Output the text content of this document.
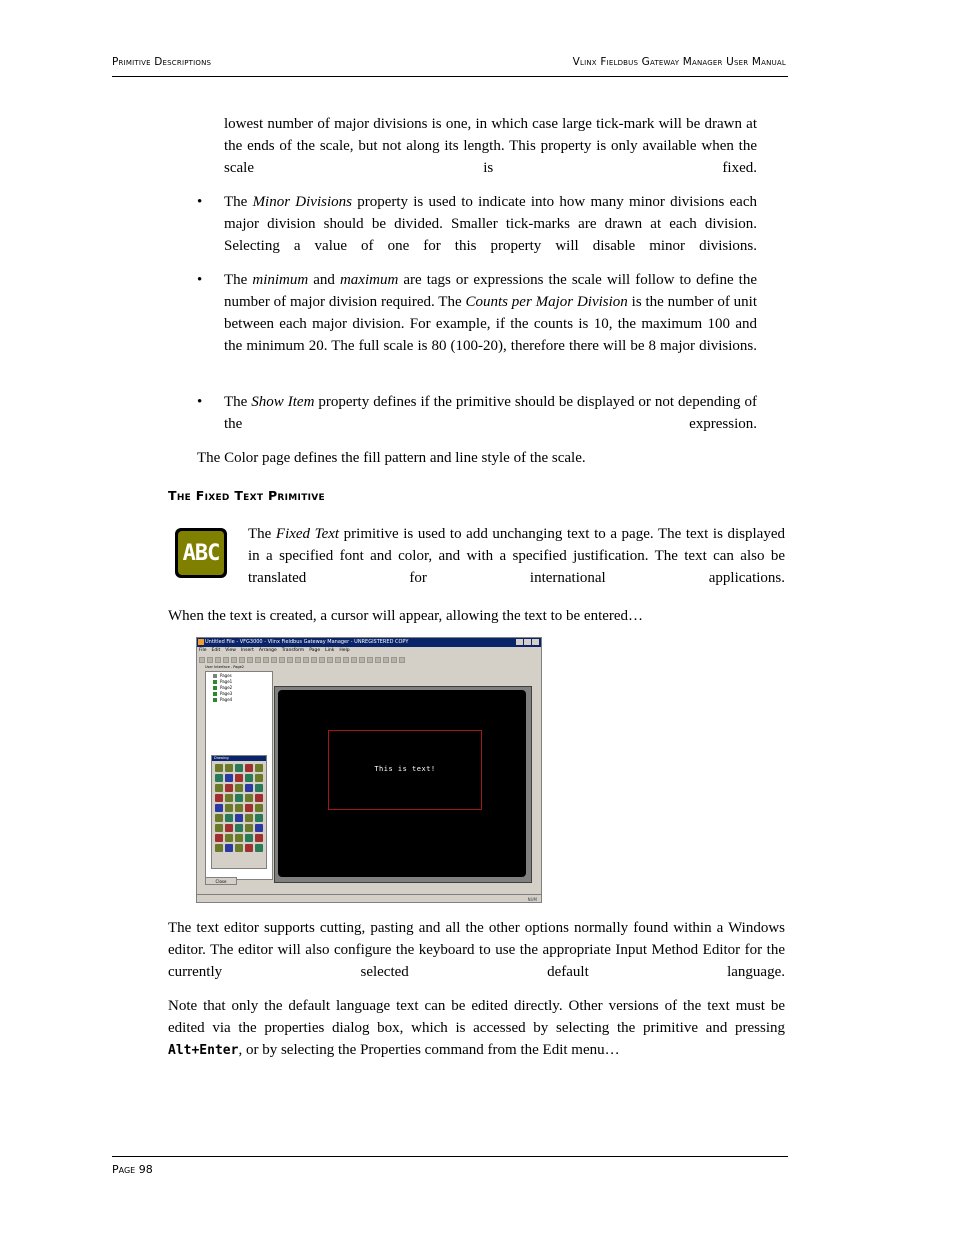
Primitive Descriptions	Vlinx Fieldbus Gateway Manager User Manual

lowest number of major divisions is one, in which case large tick-mark will be drawn at the ends of the scale, but not along its length. This property is only available when the scale is fixed.

• The Minor Divisions property is used to indicate into how many minor divisions each major division should be divided. Smaller tick-marks are drawn at each division. Selecting a value of one for this property will disable minor divisions.

• The minimum and maximum are tags or expressions the scale will follow to define the number of major division required. The Counts per Major Division is the number of unit between each major division. For example, if the counts is 10, the maximum 100 and the minimum 20. The full scale is 80 (100-20), therefore there will be 8 major divisions.

• The Show Item property defines if the primitive should be displayed or not depending of the expression.

The Color page defines the fill pattern and line style of the scale.

The Fixed Text Primitive
ABC

The Fixed Text primitive is used to add unchanging text to a page. The text is displayed in a specified font and color, and with a specified justification. The text can also be translated for international applications.

When the text is created, a cursor will appear, allowing the text to be entered…

Untitled File - VFG3000 - Vlinx Fieldbus Gateway Manager - UNREGISTERED COPY
File Edit View Insert Arrange Transform Page Link Help
User Interface - Page2
Pages
Page1
Page2
Page3
Page4
Drawing
Close
This is text!
NUM

The text editor supports cutting, pasting and all the other options normally found within a Windows editor. The editor will also configure the keyboard to use the appropriate Input Method Editor for the currently selected default language.

Note that only the default language text can be edited directly. Other versions of the text must be edited via the properties dialog box, which is accessed by selecting the primitive and pressing Alt+Enter, or by selecting the Properties command from the Edit menu…

Page 98
